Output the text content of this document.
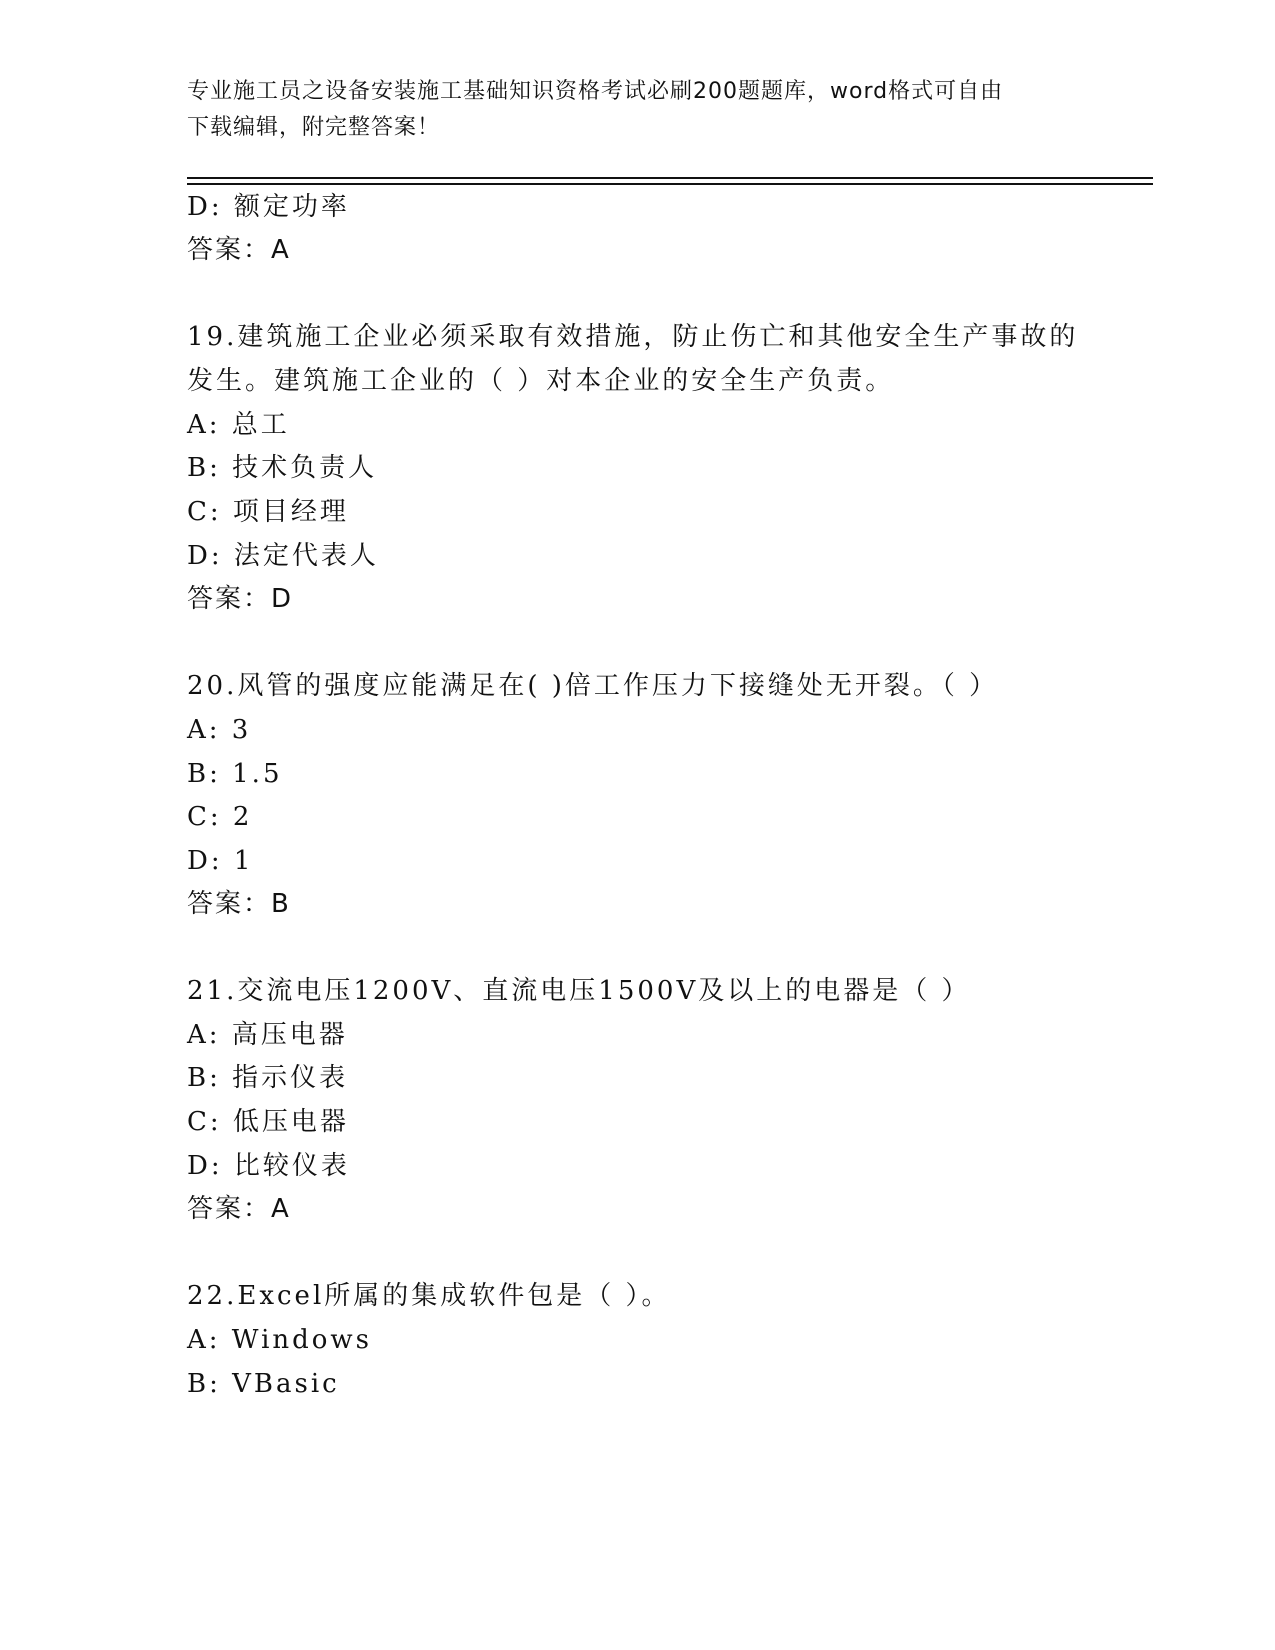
专业施工员之设备安装施工基础知识资格考试必刷200题题库，word格式可自由
下载编辑，附完整答案！
D: 额定功率
答案：A
19.建筑施工企业必须采取有效措施，防止伤亡和其他安全生产事故的
发生。建筑施工企业的（ ）对本企业的安全生产负责。
A: 总工
B: 技术负责人
C: 项目经理
D: 法定代表人
答案：D
20.风管的强度应能满足在( )倍工作压力下接缝处无开裂。（ ）
A: 3
B: 1.5
C: 2
D: 1
答案：B
21.交流电压1200V、直流电压1500V及以上的电器是（ ）
A: 高压电器
B: 指示仪表
C: 低压电器
D: 比较仪表
答案：A
22.Excel所属的集成软件包是（ ）。
A: Windows
B: VBasic
